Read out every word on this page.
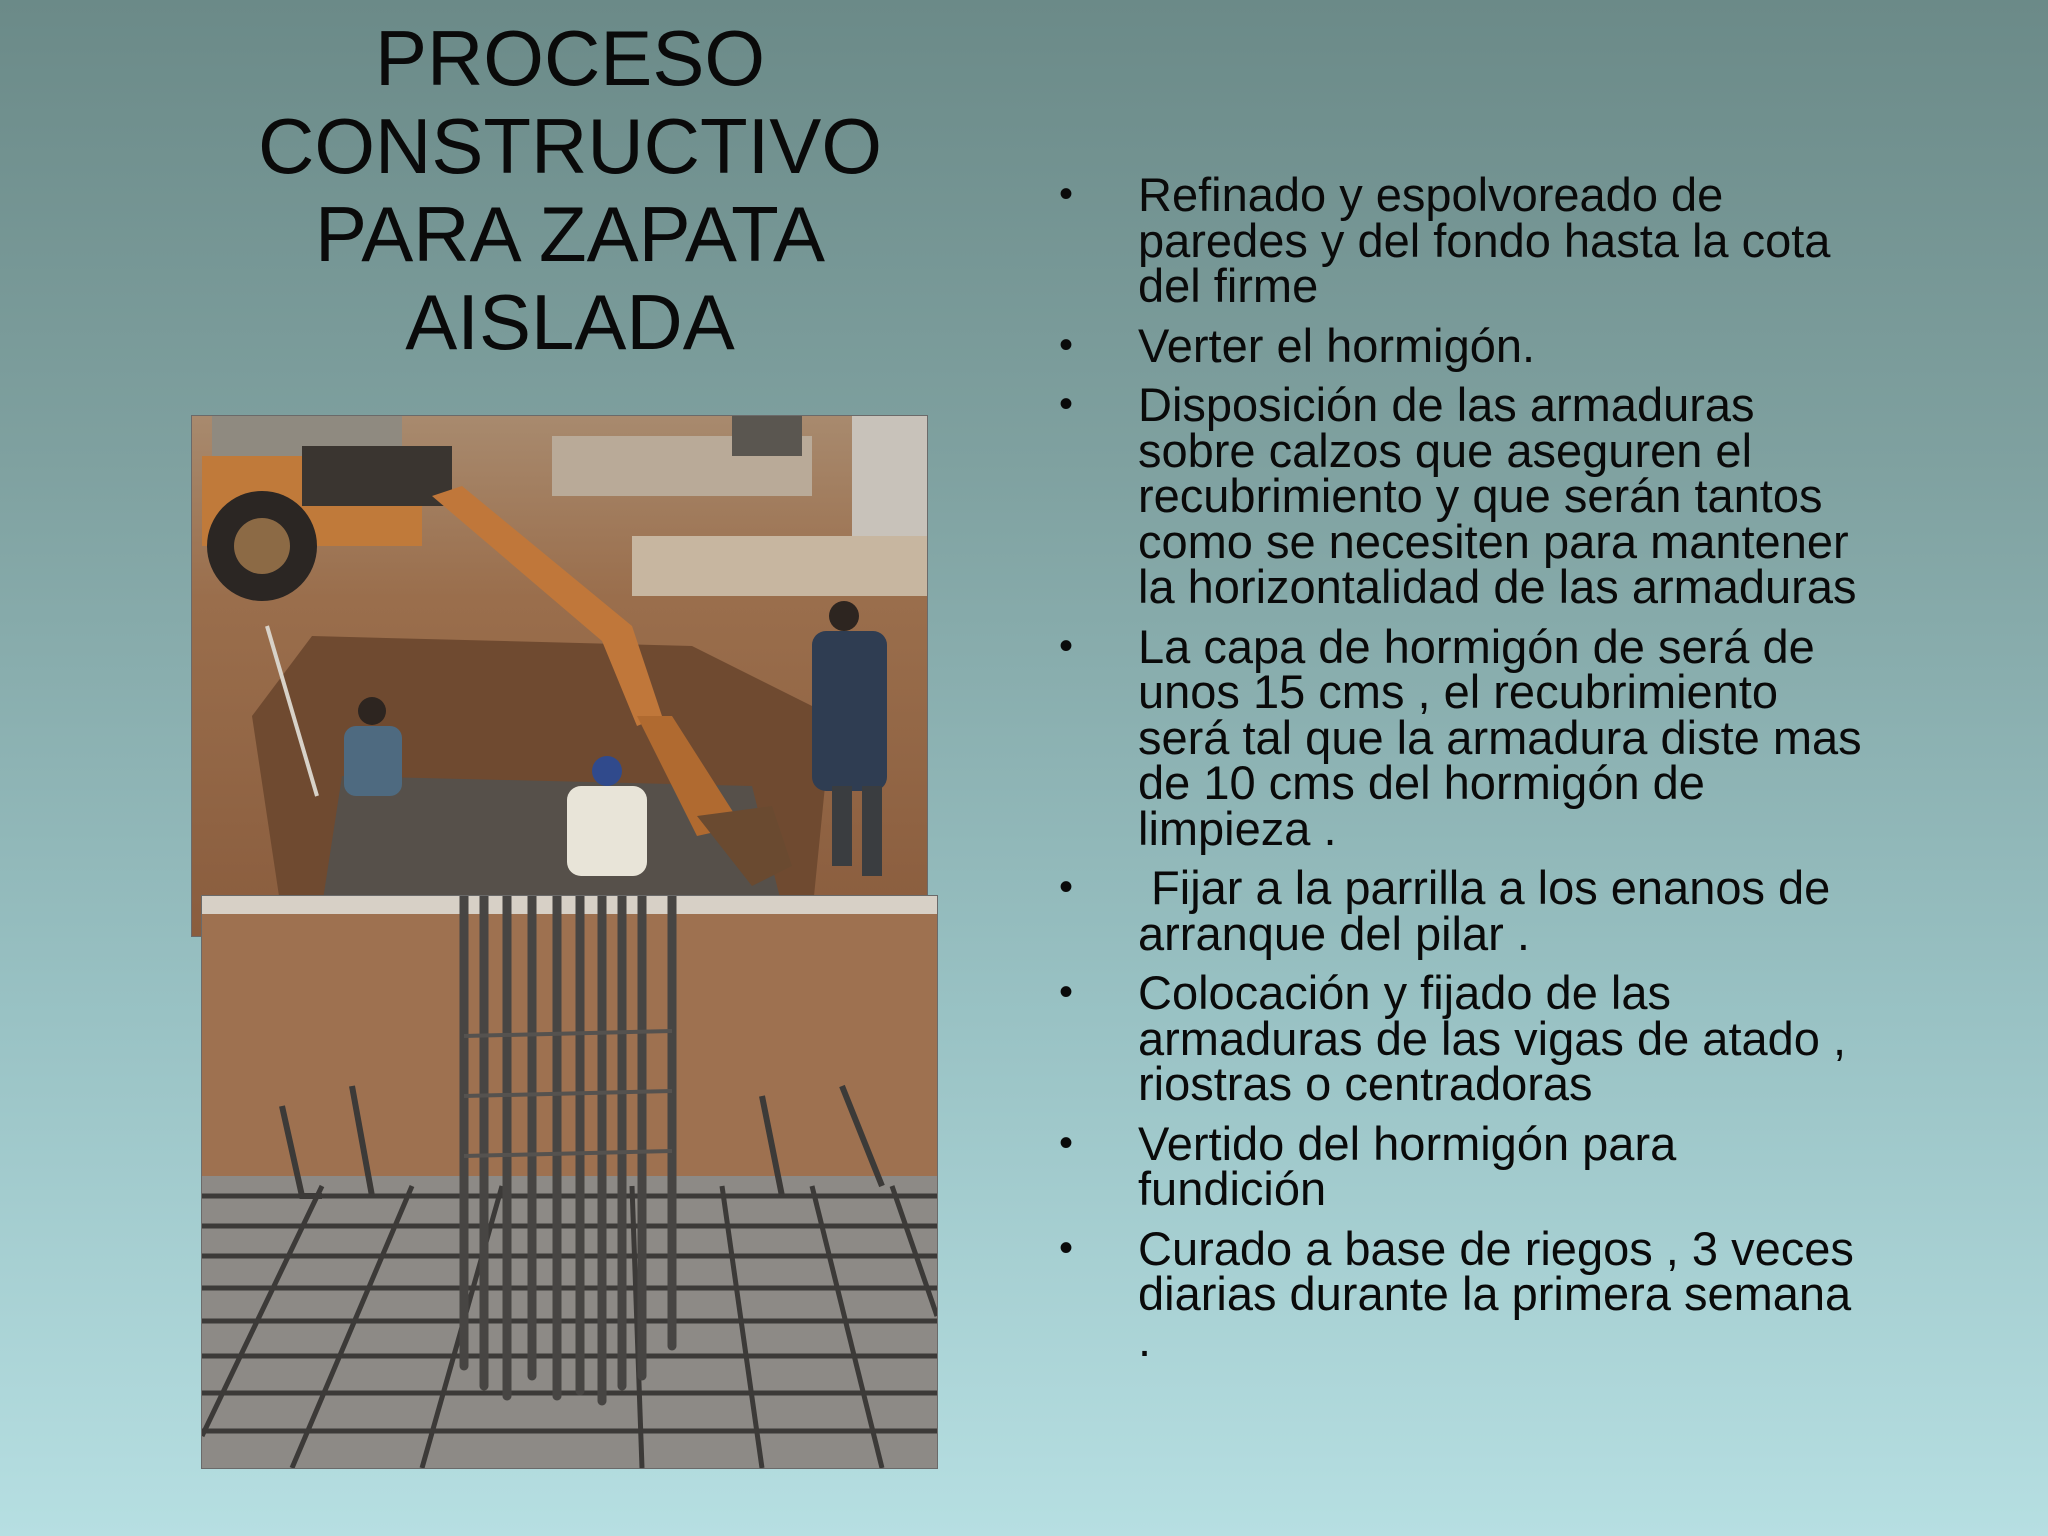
PROCESO
CONSTRUCTIVO
PARA ZAPATA
AISLADA
• Refinado y espolvoreado de
paredes y del fondo hasta la cota
del firme
• Verter el hormigón.
• Disposición de las armaduras
sobre calzos que aseguren el
recubrimiento y que serán tantos
como se necesiten para mantener
la horizontalidad de las armaduras
• La capa de hormigón de será de
unos 15 cms , el recubrimiento
será tal que la armadura diste mas
de 10 cms del hormigón de
limpieza .
• Fijar a la parrilla a los enanos de
arranque del pilar .
• Colocación y fijado de las
armaduras de las vigas de atado ,
riostras o centradoras
• Vertido del hormigón para
fundición
• Curado a base de riegos , 3 veces
diarias durante la primera semana
.
